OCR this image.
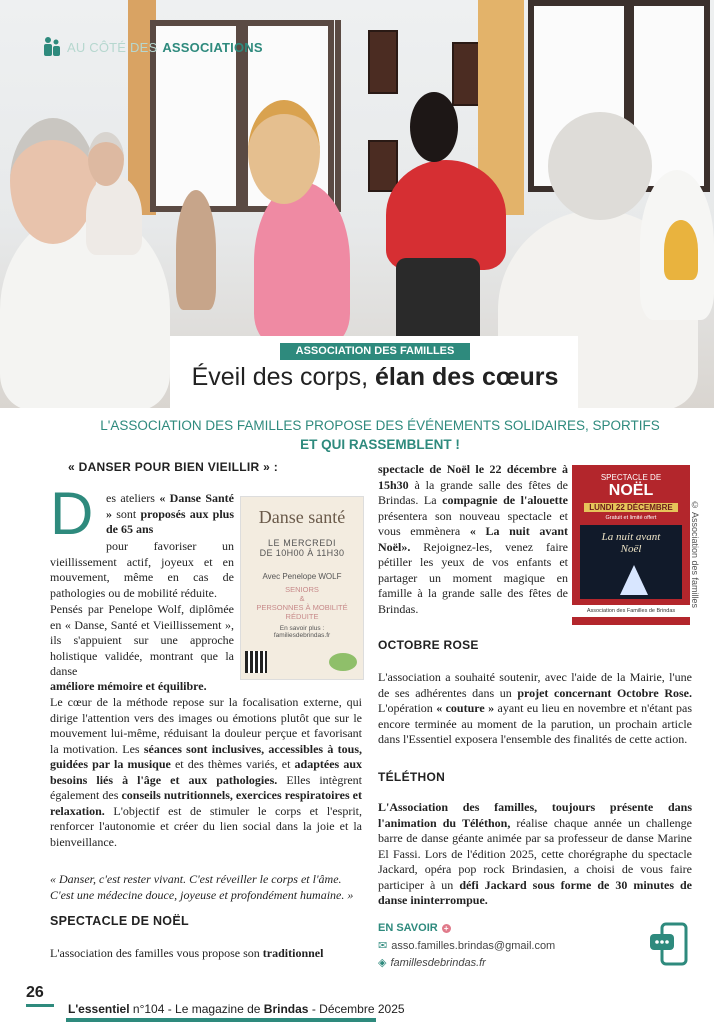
AU CÔTÉ DES ASSOCIATIONS
ASSOCIATION DES FAMILLES
Éveil des corps, élan des cœurs
L'ASSOCIATION DES FAMILLES PROPOSE DES ÉVÉNEMENTS SOLIDAIRES, SPORTIFS
ET QUI RASSEMBLENT !
« DANSER POUR BIEN VIEILLIR » :
D es ateliers « Danse Santé » sont proposés aux plus de 65 ans
pour favoriser un vieillissement actif, joyeux et en mouvement, même en cas de pathologies ou de mobilité réduite.
Pensés par Penelope Wolf, diplômée en « Danse, Santé et Vieillissement », ils s'appuient sur une approche holistique validée, montrant que la danse
améliore mémoire et équilibre.
Le cœur de la méthode repose sur la focalisation externe, qui dirige l'attention vers des images ou émotions plutôt que sur le mouvement lui-même, réduisant la douleur perçue et favorisant la motivation. Les séances sont inclusives, accessibles à tous, guidées par la musique et des thèmes variés, et adaptées aux besoins liés à l'âge et aux pathologies. Elles intègrent également des conseils nutritionnels, exercices respiratoires et relaxation. L'objectif est de stimuler le corps et l'esprit, renforcer l'autonomie et créer du lien social dans la joie et la bienveillance.
« Danser, c'est rester vivant. C'est réveiller le corps et l'âme. C'est une médecine douce, joyeuse et profondément humaine. »
SPECTACLE DE NOËL
L'association des familles vous propose son traditionnel
Danse santé
LE MERCREDI
DE 10H00 À 11H30
Avec Penelope WOLF
SENIORS
&
PERSONNES À MOBILITÉ RÉDUITE
En savoir plus :
familiesdebrindas.fr
spectacle de Noël le 22 décembre à 15h30 à la grande salle des fêtes de Brindas. La compagnie de l'alouette présentera son nouveau spectacle et vous emmènera « La nuit avant Noël». Rejoignez-les, venez faire pétiller les yeux de vos enfants et partager un moment magique en famille à la grande salle des fêtes de Brindas.
SPECTACLE DE
NOËL
LUNDI 22 DÉCEMBRE
Gratuit et limité offert
La nuit avant
Noël
Association des Familles de Brindas
OCTOBRE ROSE
L'association a souhaité soutenir, avec l'aide de la Mairie, l'une de ses adhérentes dans un projet concernant Octobre Rose. L'opération « couture » ayant eu lieu en novembre et n'étant pas encore terminée au moment de la parution, un prochain article dans l'Essentiel exposera l'ensemble des finalités de cette action.
TÉLÉTHON
L'Association des familles, toujours présente dans l'animation du Téléthon, réalise chaque année un challenge barre de danse géante animée par sa professeur de danse Marine El Fassi. Lors de l'édition 2025, cette chorégraphe du spectacle Jackard, opéra pop rock Brindasien, a choisi de vous faire participer à un défi Jackard sous forme de 30 minutes de danse ininterrompue.
EN SAVOIR +
✉ asso.familles.brindas@gmail.com
◈ famillesdebrindas.fr
© Association des familles
26
L'essentiel n°104 - Le magazine de Brindas - Décembre 2025
